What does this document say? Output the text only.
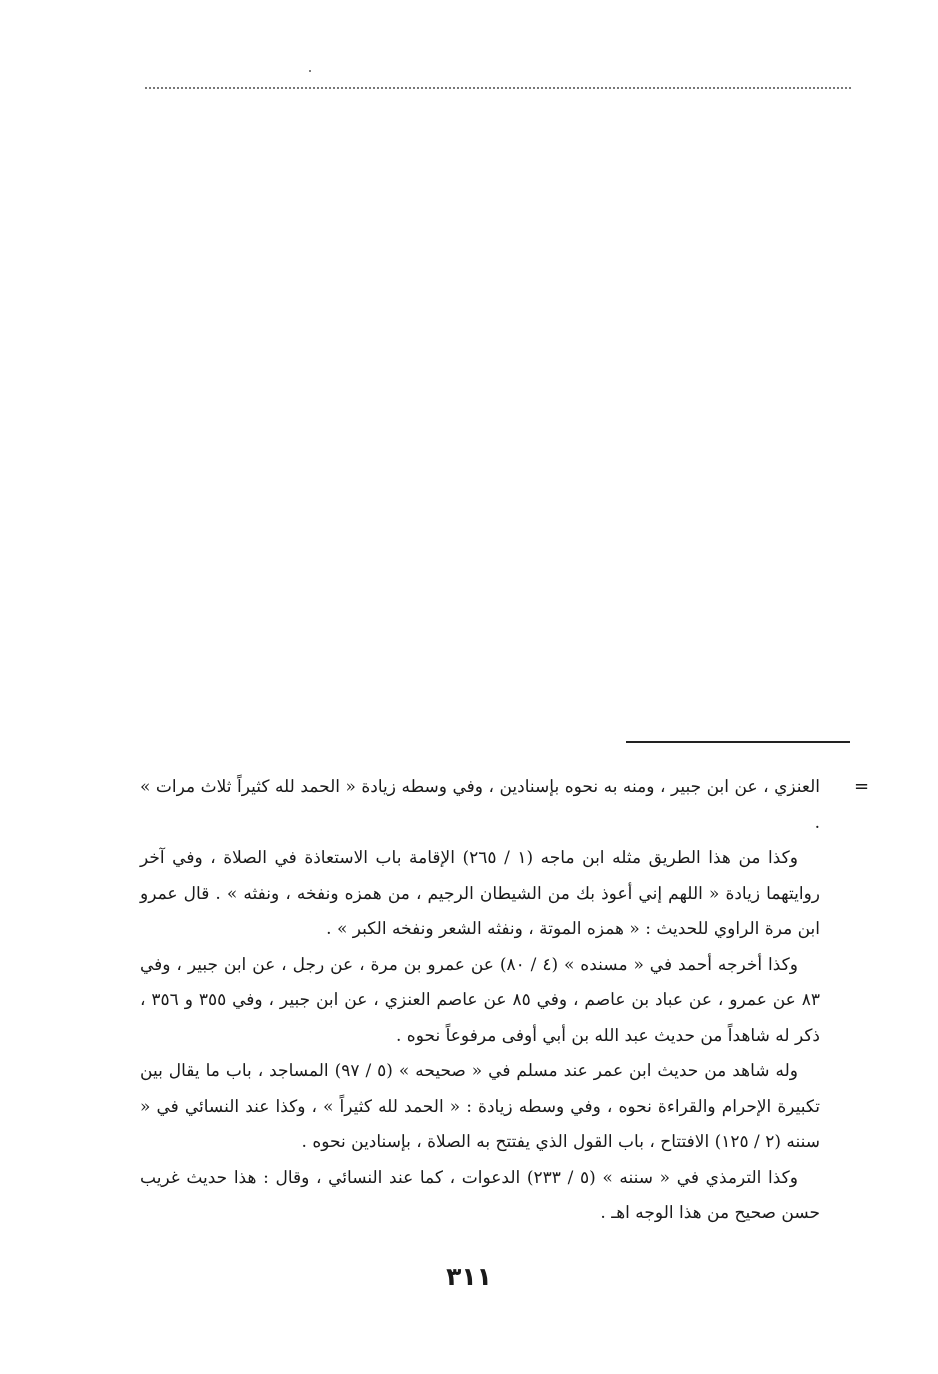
=

العنزي ، عن ابن جبير ، ومنه به نحوه بإسنادين ، وفي وسطه زيادة « الحمد لله كثيراً ثلاث مرات » .

وكذا من هذا الطريق مثله ابن ماجه (١ / ٢٦٥) الإقامة باب الاستعاذة في الصلاة ، وفي آخر روايتهما زيادة « اللهم إني أعوذ بك من الشيطان الرجيم ، من همزه ونفخه ، ونفثه » . قال عمرو ابن مرة الراوي للحديث : « همزه الموتة ، ونفثه الشعر ونفخه الكبر » .

وكذا أخرجه أحمد في « مسنده » (٤ / ٨٠) عن عمرو بن مرة ، عن رجل ، عن ابن جبير ، وفي ٨٣ عن عمرو ، عن عباد بن عاصم ، وفي ٨٥ عن عاصم العنزي ، عن ابن جبير ، وفي ٣٥٥ و ٣٥٦ ، ذكر له شاهداً من حديث عبد الله بن أبي أوفى مرفوعاً نحوه .

وله شاهد من حديث ابن عمر عند مسلم في « صحيحه » (٥ / ٩٧) المساجد ، باب ما يقال بين تكبيرة الإحرام والقراءة نحوه ، وفي وسطه زيادة : « الحمد لله كثيراً » ، وكذا عند النسائي في « سننه (٢ / ١٢٥) الافتتاح ، باب القول الذي يفتتح به الصلاة ، بإسنادين نحوه .

وكذا الترمذي في « سننه » (٥ / ٢٣٣) الدعوات ، كما عند النسائي ، وقال : هذا حديث غريب حسن صحيح من هذا الوجه اهـ .

٣١١
